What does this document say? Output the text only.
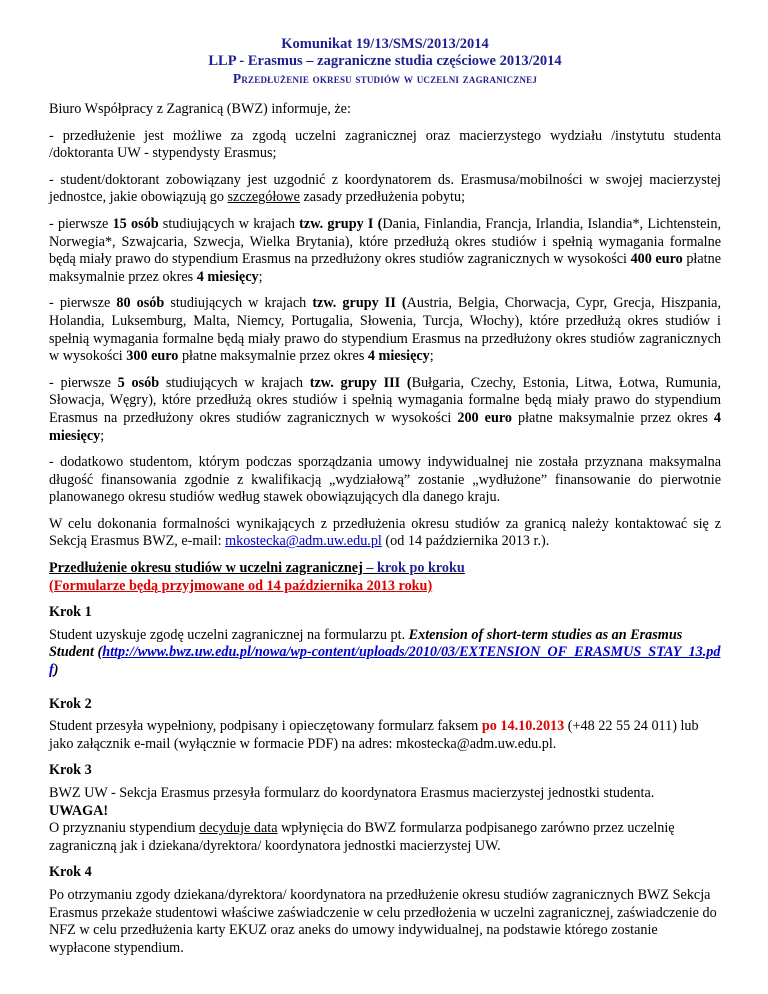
Komunikat 19/13/SMS/2013/2014
LLP - Erasmus – zagraniczne studia częściowe 2013/2014
Przedłużenie okresu studiów w uczelni zagranicznej

Biuro Współpracy z Zagranicą (BWZ) informuje, że:

- przedłużenie jest możliwe za zgodą uczelni zagranicznej oraz macierzystego wydziału /instytutu studenta /doktoranta UW - stypendysty Erasmus;

- student/doktorant zobowiązany jest uzgodnić z koordynatorem ds. Erasmusa/mobilności w swojej macierzystej jednostce, jakie obowiązują go szczegółowe zasady przedłużenia pobytu;

- pierwsze 15 osób studiujących w krajach tzw. grupy I (Dania, Finlandia, Francja, Irlandia, Islandia*, Lichtenstein, Norwegia*, Szwajcaria, Szwecja, Wielka Brytania), które przedłużą okres studiów i spełnią wymagania formalne będą miały prawo do stypendium Erasmus na przedłużony okres studiów zagranicznych w wysokości 400 euro płatne maksymalnie przez okres 4 miesięcy;

- pierwsze 80 osób studiujących w krajach tzw. grupy II (Austria, Belgia, Chorwacja, Cypr, Grecja, Hiszpania, Holandia, Luksemburg, Malta, Niemcy, Portugalia, Słowenia, Turcja, Włochy), które przedłużą okres studiów i spełnią wymagania formalne będą miały prawo do stypendium Erasmus na przedłużony okres studiów zagranicznych w wysokości 300 euro płatne maksymalnie przez okres 4 miesięcy;

- pierwsze 5 osób studiujących w krajach tzw. grupy III (Bułgaria, Czechy, Estonia, Litwa, Łotwa, Rumunia, Słowacja, Węgry), które przedłużą okres studiów i spełnią wymagania formalne będą miały prawo do stypendium Erasmus na przedłużony okres studiów zagranicznych w wysokości 200 euro płatne maksymalnie przez okres 4 miesięcy;

- dodatkowo studentom, którym podczas sporządzania umowy indywidualnej nie została przyznana maksymalna długość finansowania zgodnie z kwalifikacją „wydziałową” zostanie „wydłużone” finansowanie do pierwotnie planowanego okresu studiów według stawek obowiązujących dla danego kraju.

W celu dokonania formalności wynikających z przedłużenia okresu studiów za granicą należy kontaktować się z Sekcją Erasmus BWZ, e-mail: mkostecka@adm.uw.edu.pl (od 14 października 2013 r.).

Przedłużenie okresu studiów w uczelni zagranicznej – krok po kroku
(Formularze będą przyjmowane od 14 października 2013 roku)

Krok 1

Student uzyskuje zgodę uczelni zagranicznej na formularzu pt. Extension of short-term studies as an Erasmus Student (http://www.bwz.uw.edu.pl/nowa/wp-content/uploads/2010/03/EXTENSION_OF_ERASMUS_STAY_13.pdf)

Krok 2

Student przesyła wypełniony, podpisany i opieczętowany formularz faksem po 14.10.2013 (+48 22 55 24 011) lub jako załącznik e-mail (wyłącznie w formacie PDF) na adres: mkostecka@adm.uw.edu.pl.

Krok 3

BWZ UW - Sekcja Erasmus przesyła formularz do koordynatora Erasmus macierzystej jednostki studenta.
UWAGA!
O przyznaniu stypendium decyduje data wpłynięcia do BWZ formularza podpisanego zarówno przez uczelnię zagraniczną jak i dziekana/dyrektora/ koordynatora jednostki macierzystej UW.

Krok 4

Po otrzymaniu zgody dziekana/dyrektora/ koordynatora na przedłużenie okresu studiów zagranicznych BWZ Sekcja Erasmus przekaże studentowi właściwe zaświadczenie w celu przedłożenia w uczelni zagranicznej, zaświadczenie do NFZ w celu przedłużenia karty EKUZ oraz aneks do umowy indywidualnej, na podstawie którego zostanie wypłacone stypendium.
